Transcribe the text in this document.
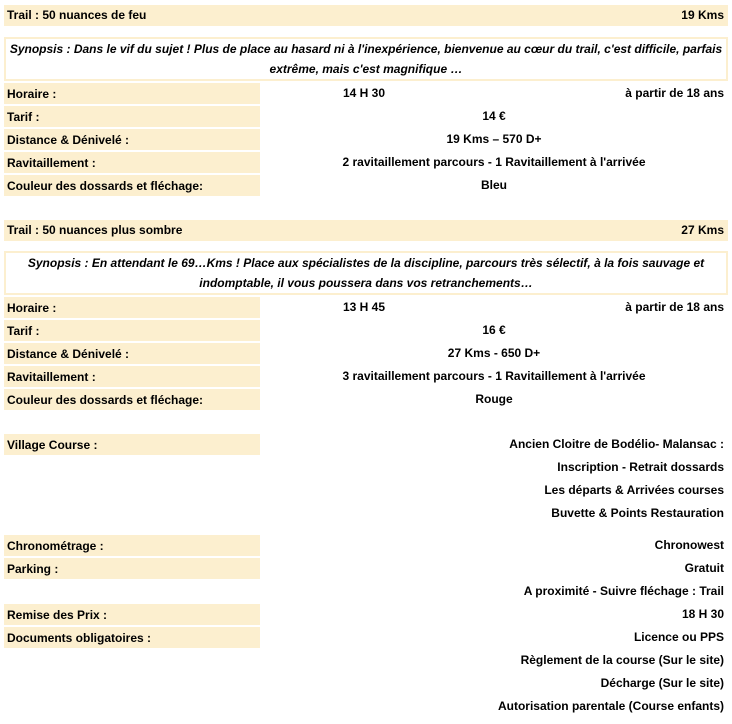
Trail : 50 nuances de feu	19 Kms
Synopsis : Dans le vif du sujet ! Plus de place au hasard ni à l'inexpérience, bienvenue au cœur du trail, c'est difficile, parfais extrême, mais c'est magnifique …
Horaire :	14 H 30	à partir de 18 ans
Tarif :	14 €
Distance & Dénivelé :	19 Kms – 570 D+
Ravitaillement :	2 ravitaillement parcours - 1 Ravitaillement à l'arrivée
Couleur des dossards et fléchage:	Bleu
Trail : 50 nuances plus sombre	27 Kms
Synopsis : En attendant le 69…Kms ! Place aux spécialistes de la discipline, parcours très sélectif, à la fois sauvage et indomptable, il vous poussera dans vos retranchements…
Horaire :	13 H 45	à partir de 18 ans
Tarif :	16 €
Distance & Dénivelé :	27 Kms - 650 D+
Ravitaillement :	3 ravitaillement parcours - 1 Ravitaillement à l'arrivée
Couleur des dossards et fléchage:	Rouge
Village Course :	Ancien Cloitre de Bodélio- Malansac :
Inscription - Retrait dossards
Les départs & Arrivées courses
Buvette & Points Restauration
Chronométrage :	Chronowest
Parking :	Gratuit
A proximité - Suivre fléchage : Trail
Remise des Prix :	18 H 30
Documents obligatoires :	Licence ou PPS
Règlement de la course (Sur le site)
Décharge (Sur le site)
Autorisation parentale (Course enfants)
